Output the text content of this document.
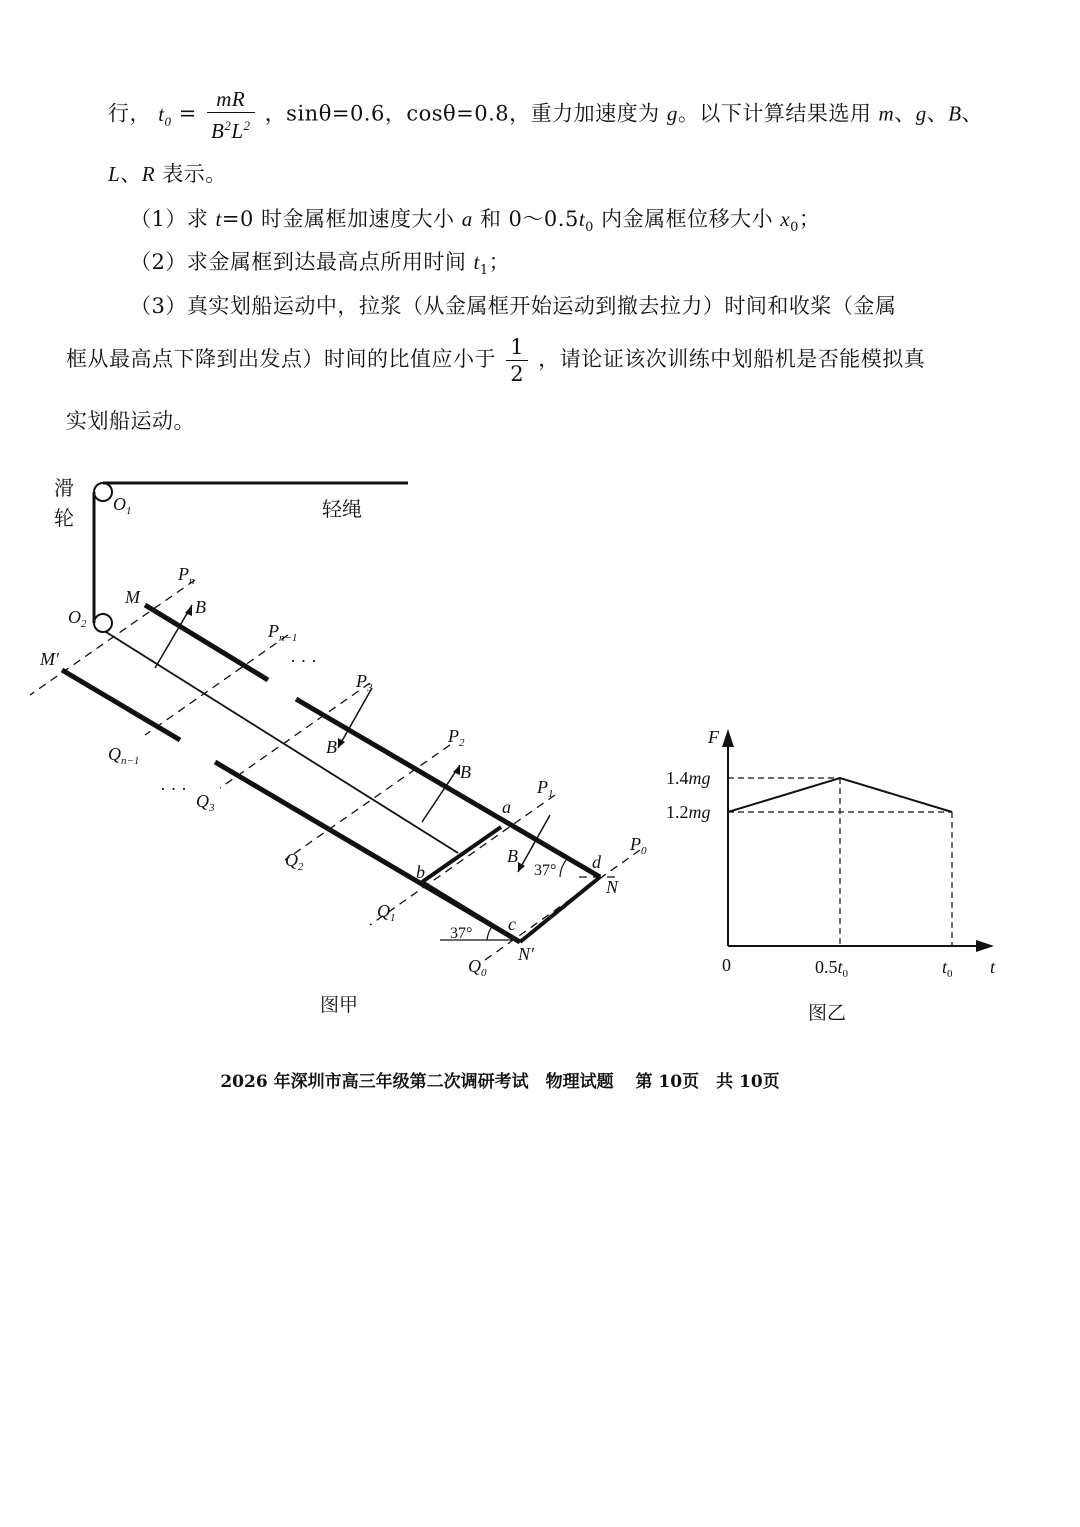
行， $t_0 = \frac{mR}{B^2L^2}$ ，sinθ=0.6，cosθ=0.8，重力加速度为 g。以下计算结果选用 m、g、B、
L、R 表示。
（1）求 t=0 时金属框加速度大小 a 和 $0\sim 0.5t_0$ 内金属框位移大小 $x_0$；
（2）求金属框到达最高点所用时间 $t_1$；
（3）真实划船运动中，拉浆（从金属框开始运动到撤去拉力）时间和收桨（金属
框从最高点下降到出发点）时间的比值应小于 $\frac{1}{2}$ ，请论证该次训练中划船机是否能模拟真
实划船运动。
滑
轮	轻绳
$O_1$
$O_2$
M
M′
$P_n$
$P_{n-1}$
· · ·
$P_3$
$P_2$
$P_1$
$P_0$
$Q_{n-1}$
· · ·
$Q_3$
$Q_2$
$Q_1$
$Q_0$
B
B
B
B
a
b
c
d
N
N′
37°
37°
图甲
F
t
0	$0.5t_0$	$t_0$
1.4mg
1.2mg
图乙
2026 年深圳市高三年级第二次调研考试　物理试题 第 10页　共 10页
